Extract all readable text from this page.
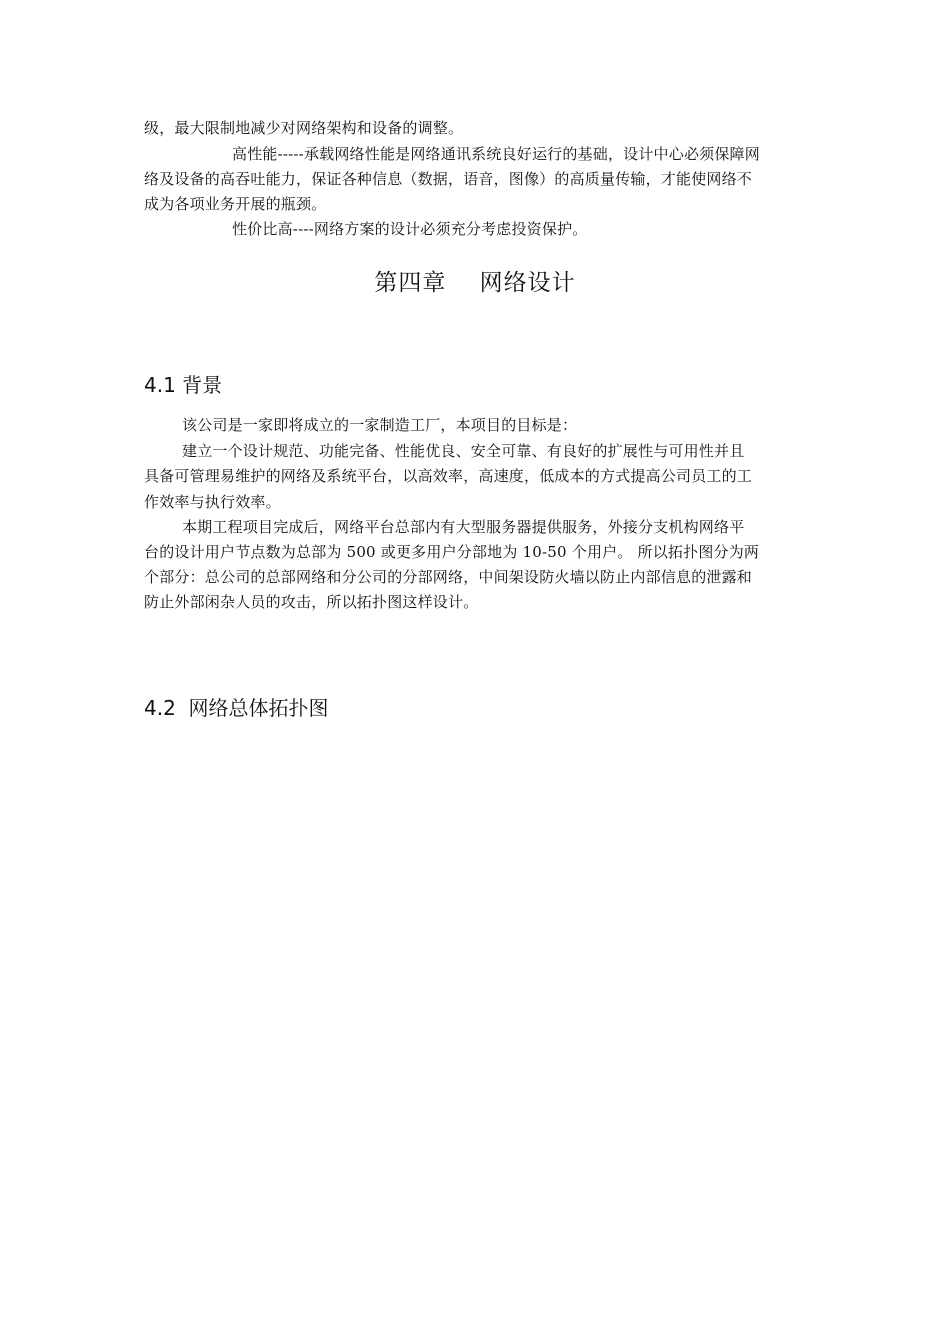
级，最大限制地减少对网络架构和设备的调整。
高性能-----承载网络性能是网络通讯系统良好运行的基础，设计中心必须保障网
络及设备的高吞吐能力，保证各种信息（数据，语音，图像）的高质量传输，才能使网络不
成为各项业务开展的瓶颈。
性价比高----网络方案的设计必须充分考虑投资保护。
第四章    网络设计
4.1 背景
该公司是一家即将成立的一家制造工厂，本项目的目标是：
建立一个设计规范、功能完备、性能优良、安全可靠、有良好的扩展性与可用性并且
具备可管理易维护的网络及系统平台，以高效率，高速度，低成本的方式提高公司员工的工
作效率与执行效率。
本期工程项目完成后，网络平台总部内有大型服务器提供服务，外接分支机构网络平
台的设计用户节点数为总部为 500 或更多用户分部地为 10-50 个用户。 所以拓扑图分为两
个部分：总公司的总部网络和分公司的分部网络，中间架设防火墙以防止内部信息的泄露和
防止外部闲杂人员的攻击，所以拓扑图这样设计。
4.2  网络总体拓扑图
